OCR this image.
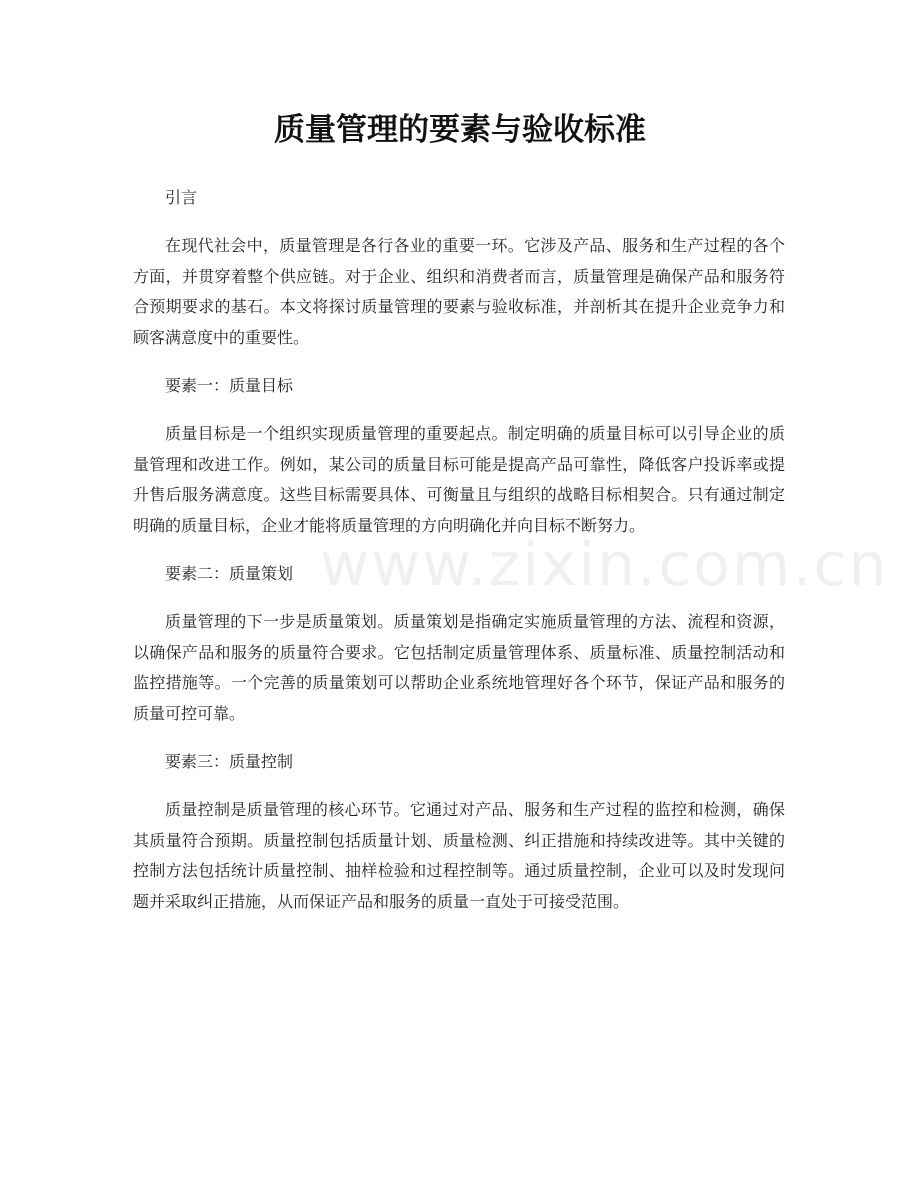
质量管理的要素与验收标准
www.zixin.com.cn

引言

在现代社会中，质量管理是各行各业的重要一环。它涉及产品、服务和生产过程的各个方面，并贯穿着整个供应链。对于企业、组织和消费者而言，质量管理是确保产品和服务符合预期要求的基石。本文将探讨质量管理的要素与验收标准，并剖析其在提升企业竞争力和顾客满意度中的重要性。

要素一：质量目标

质量目标是一个组织实现质量管理的重要起点。制定明确的质量目标可以引导企业的质量管理和改进工作。例如，某公司的质量目标可能是提高产品可靠性，降低客户投诉率或提升售后服务满意度。这些目标需要具体、可衡量且与组织的战略目标相契合。只有通过制定明确的质量目标，企业才能将质量管理的方向明确化并向目标不断努力。

要素二：质量策划

质量管理的下一步是质量策划。质量策划是指确定实施质量管理的方法、流程和资源，以确保产品和服务的质量符合要求。它包括制定质量管理体系、质量标准、质量控制活动和监控措施等。一个完善的质量策划可以帮助企业系统地管理好各个环节，保证产品和服务的质量可控可靠。

要素三：质量控制

质量控制是质量管理的核心环节。它通过对产品、服务和生产过程的监控和检测，确保其质量符合预期。质量控制包括质量计划、质量检测、纠正措施和持续改进等。其中关键的控制方法包括统计质量控制、抽样检验和过程控制等。通过质量控制，企业可以及时发现问题并采取纠正措施，从而保证产品和服务的质量一直处于可接受范围。
